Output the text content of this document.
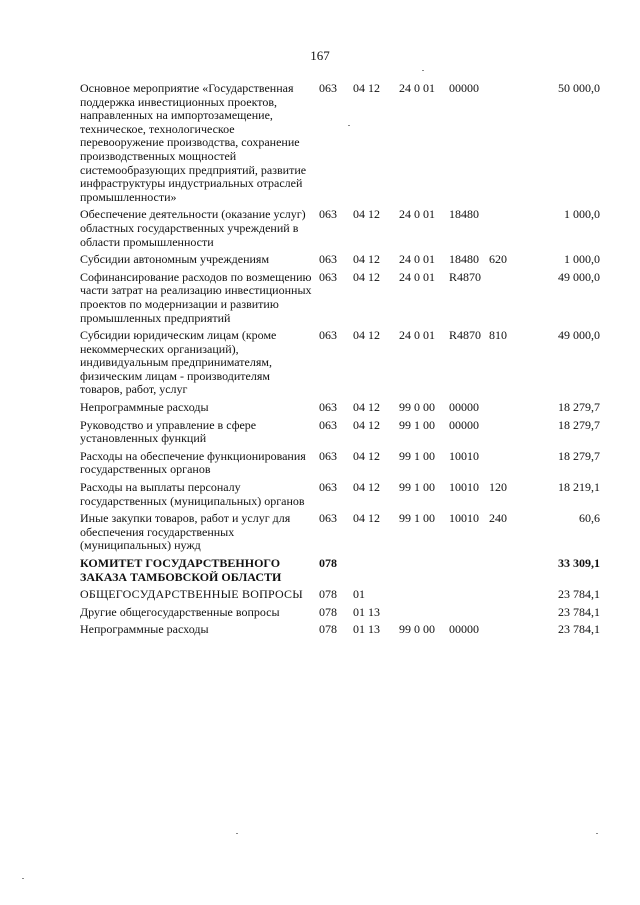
167
Основное мероприятие «Государственная поддержка инвестиционных проектов, направленных на импортозамещение, техническое, технологическое перевооружение производства, сохранение производственных мощностей системообразующих предприятий, развитие инфраструктуры индустриальных отраслей промышленности»	063	04 12	24 0 01	00000		50 000,0
Обеспечение деятельности (оказание услуг) областных государственных учреждений в области промышленности	063	04 12	24 0 01	18480		1 000,0
Субсидии автономным учреждениям	063	04 12	24 0 01	18480	620	1 000,0
Софинансирование расходов по возмещению части затрат на реализацию инвестиционных проектов по модернизации и развитию промышленных предприятий	063	04 12	24 0 01	R4870		49 000,0
Субсидии юридическим лицам (кроме некоммерческих организаций), индивидуальным предпринимателям, физическим лицам - производителям товаров, работ, услуг	063	04 12	24 0 01	R4870	810	49 000,0
Непрограммные расходы	063	04 12	99 0 00	00000		18 279,7
Руководство и управление в сфере установленных функций	063	04 12	99 1 00	00000		18 279,7
Расходы на обеспечение функционирования государственных органов	063	04 12	99 1 00	10010		18 279,7
Расходы на выплаты персоналу государственных (муниципальных) органов	063	04 12	99 1 00	10010	120	18 219,1
Иные закупки товаров, работ и услуг для обеспечения государственных (муниципальных) нужд	063	04 12	99 1 00	10010	240	60,6
КОМИТЕТ ГОСУДАРСТВЕННОГО ЗАКАЗА ТАМБОВСКОЙ ОБЛАСТИ	078					33 309,1
ОБЩЕГОСУДАРСТВЕННЫЕ ВОПРОСЫ	078	01				23 784,1
Другие общегосударственные вопросы	078	01 13				23 784,1
Непрограммные расходы	078	01 13	99 0 00	00000		23 784,1
